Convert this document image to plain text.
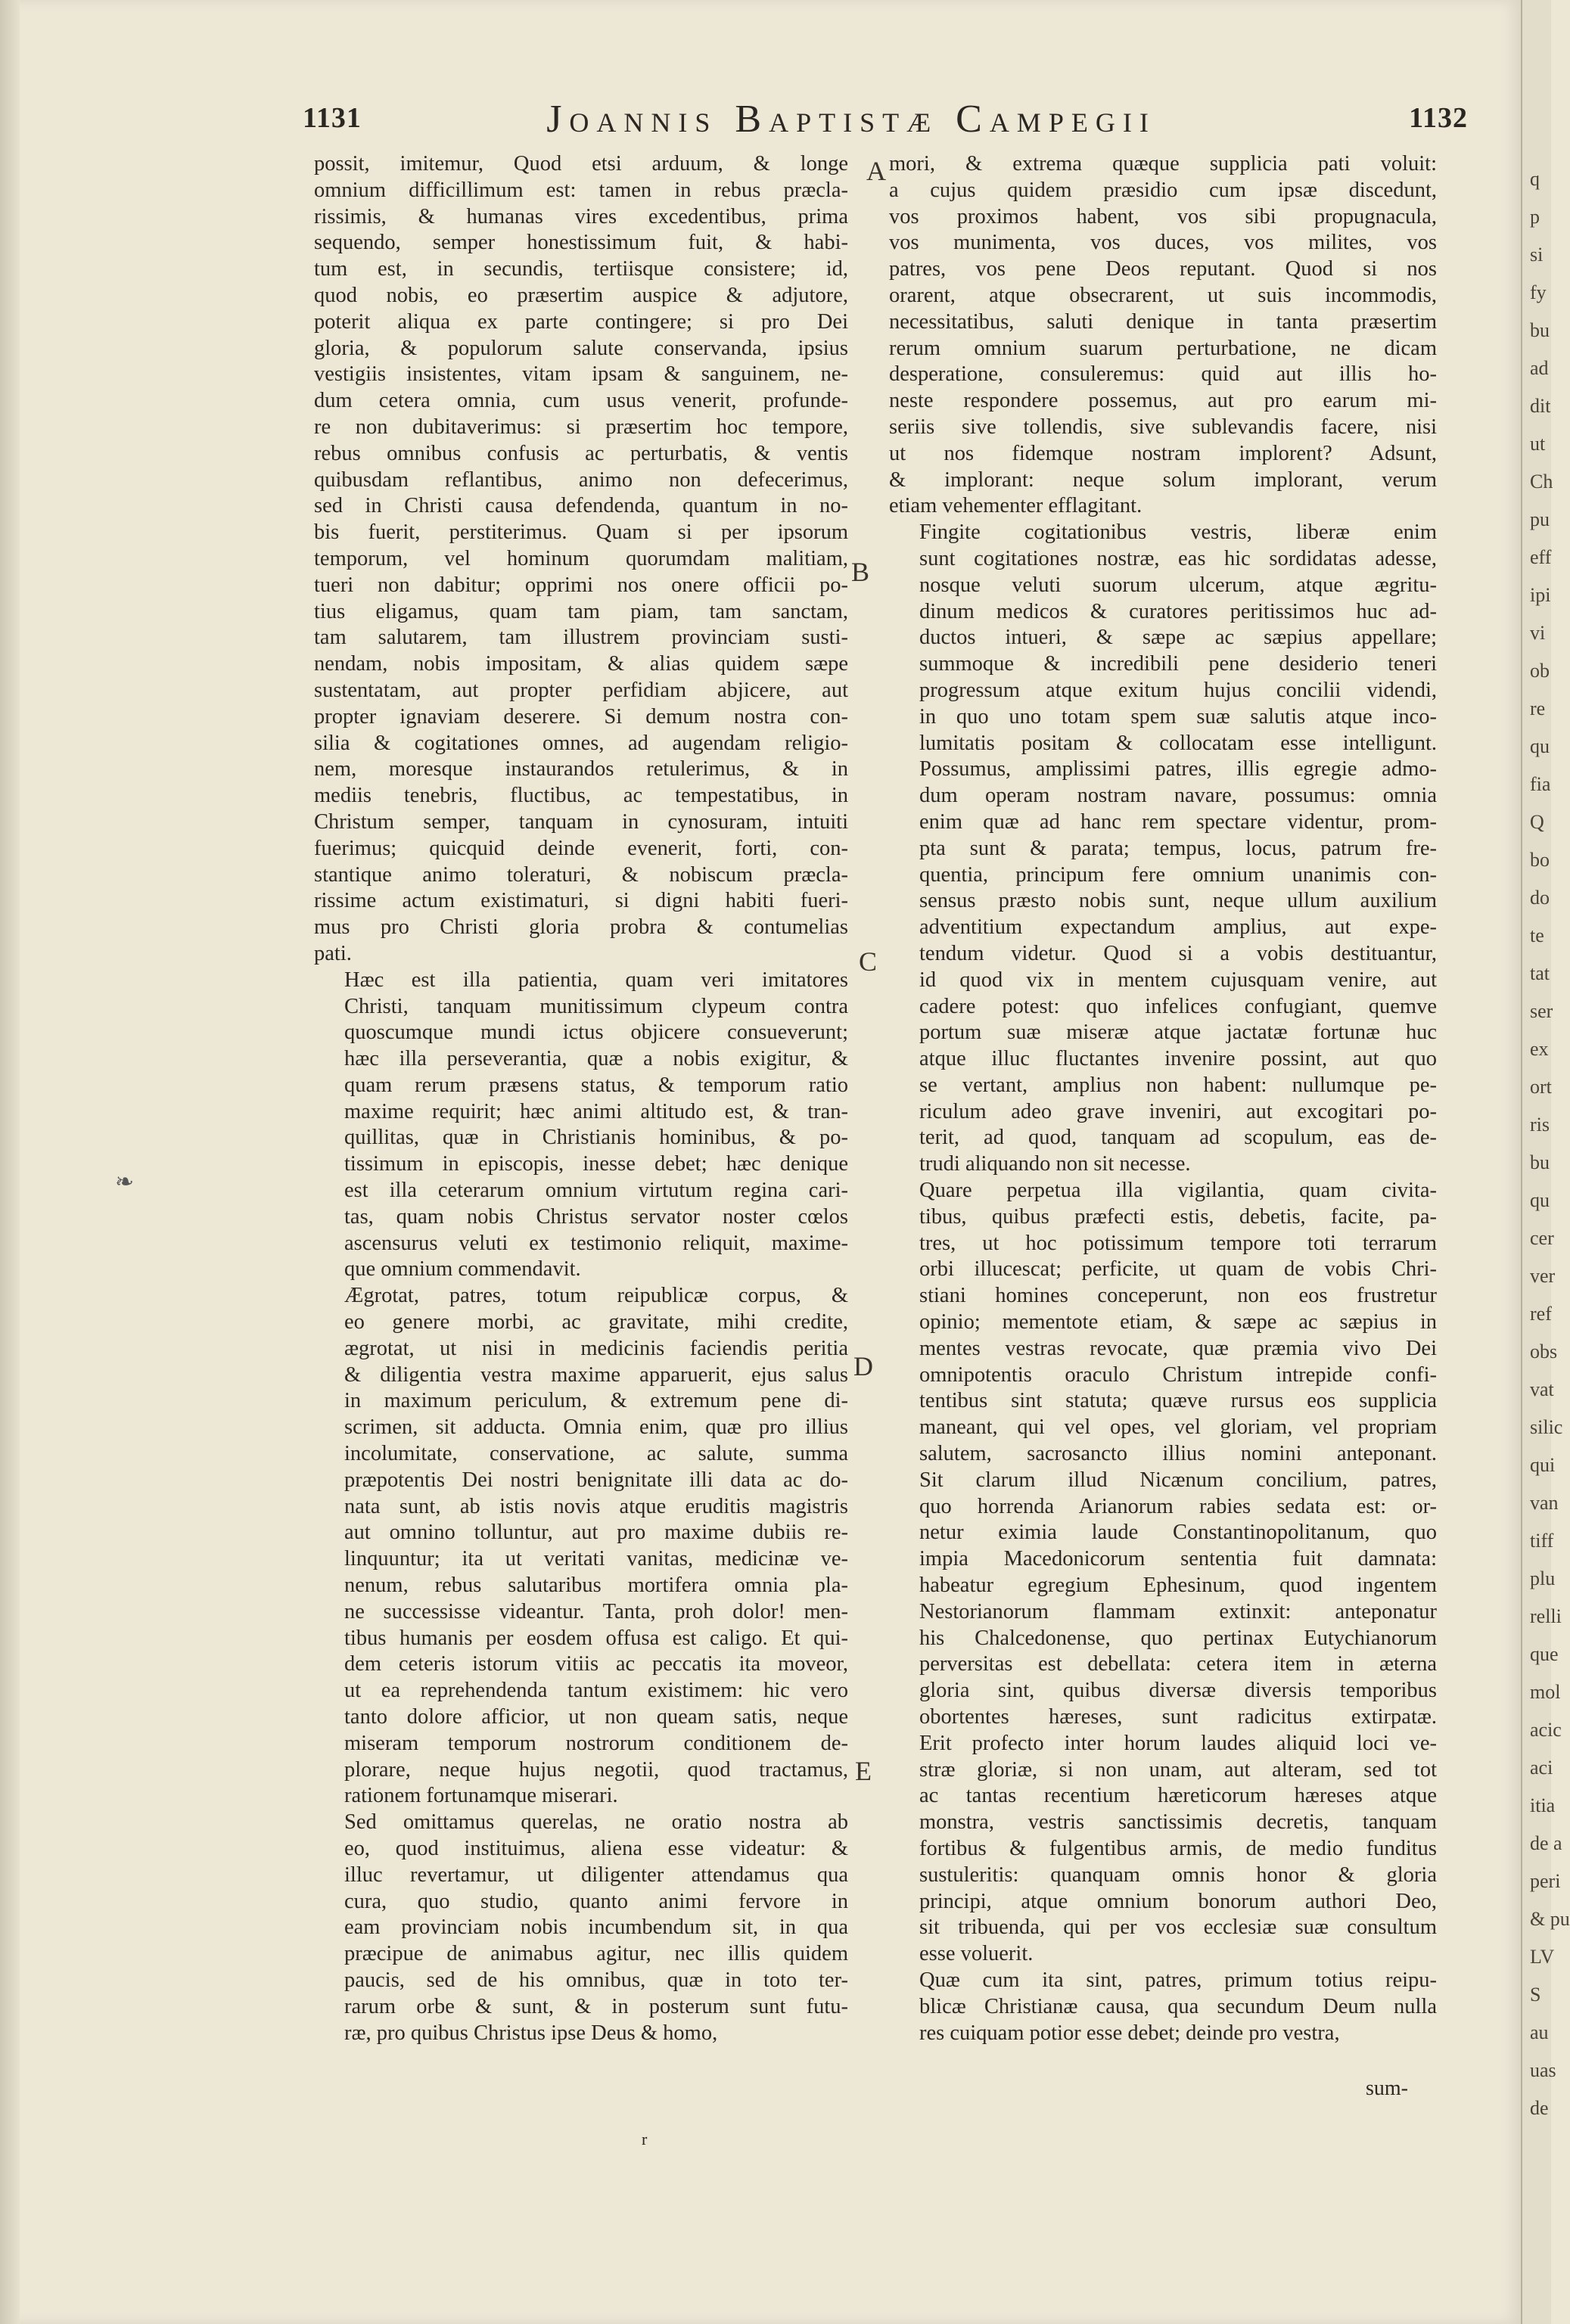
1131	Joannis Baptistæ Campegii	1132

possit, imitemur, Quod etsi arduum, & longe
omnium difficillimum est: tamen in rebus præcla-
rissimis, & humanas vires excedentibus, prima
sequendo, semper honestissimum fuit, & habi-
tum est, in secundis, tertiisque consistere; id,
quod nobis, eo præsertim auspice & adjutore,
poterit aliqua ex parte contingere; si pro Dei
gloria, & populorum salute conservanda, ipsius
vestigiis insistentes, vitam ipsam & sanguinem, ne-
dum cetera omnia, cum usus venerit, profunde-
re non dubitaverimus: si præsertim hoc tempore,
rebus omnibus confusis ac perturbatis, & ventis
quibusdam reflantibus, animo non defecerimus,
sed in Christi causa defendenda, quantum in no-
bis fuerit, perstiterimus. Quam si per ipsorum
temporum, vel hominum quorumdam malitiam,
tueri non dabitur; opprimi nos onere officii po-
tius eligamus, quam tam piam, tam sanctam,
tam salutarem, tam illustrem provinciam susti-
nendam, nobis impositam, & alias quidem sæpe
sustentatam, aut propter perfidiam abjicere, aut
propter ignaviam deserere. Si demum nostra con-
silia & cogitationes omnes, ad augendam religio-
nem, moresque instaurandos retulerimus, & in
mediis tenebris, fluctibus, ac tempestatibus, in
Christum semper, tanquam in cynosuram, intuiti
fuerimus; quicquid deinde evenerit, forti, con-
stantique animo toleraturi, & nobiscum præcla-
rissime actum existimaturi, si digni habiti fueri-
mus pro Christi gloria probra & contumelias
pati.

Hæc est illa patientia, quam veri imitatores
Christi, tanquam munitissimum clypeum contra
quoscumque mundi ictus objicere consueverunt;
hæc illa perseverantia, quæ a nobis exigitur, &
quam rerum præsens status, & temporum ratio
maxime requirit; hæc animi altitudo est, & tran-
quillitas, quæ in Christianis hominibus, & po-
tissimum in episcopis, inesse debet; hæc denique
est illa ceterarum omnium virtutum regina cari-
tas, quam nobis Christus servator noster cœlos
ascensurus veluti ex testimonio reliquit, maxime-
que omnium commendavit.

Ægrotat, patres, totum reipublicæ corpus, &
eo genere morbi, ac gravitate, mihi credite,
ægrotat, ut nisi in medicinis faciendis peritia
& diligentia vestra maxime apparuerit, ejus salus
in maximum periculum, & extremum pene di-
scrimen, sit adducta. Omnia enim, quæ pro illius
incolumitate, conservatione, ac salute, summa
præpotentis Dei nostri benignitate illi data ac do-
nata sunt, ab istis novis atque eruditis magistris
aut omnino tolluntur, aut pro maxime dubiis re-
linquuntur; ita ut veritati vanitas, medicinæ ve-
nenum, rebus salutaribus mortifera omnia pla-
ne successisse videantur. Tanta, proh dolor! men-
tibus humanis per eosdem offusa est caligo. Et qui-
dem ceteris istorum vitiis ac peccatis ita moveor,
ut ea reprehendenda tantum existimem: hic vero
tanto dolore afficior, ut non queam satis, neque
miseram temporum nostrorum conditionem de-
plorare, neque hujus negotii, quod tractamus,
rationem fortunamque miserari.

Sed omittamus querelas, ne oratio nostra ab
eo, quod instituimus, aliena esse videatur: &
illuc revertamur, ut diligenter attendamus qua
cura, quo studio, quanto animi fervore in
eam provinciam nobis incumbendum sit, in qua
præcipue de animabus agitur, nec illis quidem
paucis, sed de his omnibus, quæ in toto ter-
rarum orbe & sunt, & in posterum sunt futu-
ræ, pro quibus Christus ipse Deus & homo,

mori, & extrema quæque supplicia pati voluit:
a cujus quidem præsidio cum ipsæ discedunt,
vos proximos habent, vos sibi propugnacula,
vos munimenta, vos duces, vos milites, vos
patres, vos pene Deos reputant. Quod si nos
orarent, atque obsecrarent, ut suis incommodis,
necessitatibus, saluti denique in tanta præsertim
rerum omnium suarum perturbatione, ne dicam
desperatione, consuleremus: quid aut illis ho-
neste respondere possemus, aut pro earum mi-
seriis sive tollendis, sive sublevandis facere, nisi
ut nos fidemque nostram implorent? Adsunt,
& implorant: neque solum implorant, verum
etiam vehementer efflagitant.

Fingite cogitationibus vestris, liberæ enim
sunt cogitationes nostræ, eas hic sordidatas adesse,
nosque veluti suorum ulcerum, atque ægritu-
dinum medicos & curatores peritissimos huc ad-
ductos intueri, & sæpe ac sæpius appellare;
summoque & incredibili pene desiderio teneri
progressum atque exitum hujus concilii videndi,
in quo uno totam spem suæ salutis atque inco-
lumitatis positam & collocatam esse intelligunt.
Possumus, amplissimi patres, illis egregie admo-
dum operam nostram navare, possumus: omnia
enim quæ ad hanc rem spectare videntur, prom-
pta sunt & parata; tempus, locus, patrum fre-
quentia, principum fere omnium unanimis con-
sensus præsto nobis sunt, neque ullum auxilium
adventitium expectandum amplius, aut expe-
tendum videtur. Quod si a vobis destituantur,
id quod vix in mentem cujusquam venire, aut
cadere potest: quo infelices confugiant, quemve
portum suæ miseræ atque jactatæ fortunæ huc
atque illuc fluctantes invenire possint, aut quo
se vertant, amplius non habent: nullumque pe-
riculum adeo grave inveniri, aut excogitari po-
terit, ad quod, tanquam ad scopulum, eas de-
trudi aliquando non sit necesse.

Quare perpetua illa vigilantia, quam civita-
tibus, quibus præfecti estis, debetis, facite, pa-
tres, ut hoc potissimum tempore toti terrarum
orbi illucescat; perficite, ut quam de vobis Chri-
stiani homines conceperunt, non eos frustretur
opinio; mementote etiam, & sæpe ac sæpius in
mentes vestras revocate, quæ præmia vivo Dei
omnipotentis oraculo Christum intrepide confi-
tentibus sint statuta; quæve rursus eos supplicia
maneant, qui vel opes, vel gloriam, vel propriam
salutem, sacrosancto illius nomini anteponant.
Sit clarum illud Nicænum concilium, patres,
quo horrenda Arianorum rabies sedata est: or-
netur eximia laude Constantinopolitanum, quo
impia Macedonicorum sententia fuit damnata:
habeatur egregium Ephesinum, quod ingentem
Nestorianorum flammam extinxit: anteponatur
his Chalcedonense, quo pertinax Eutychianorum
perversitas est debellata: cetera item in æterna
gloria sint, quibus diversæ diversis temporibus
obortentes hæreses, sunt radicitus extirpatæ.
Erit profecto inter horum laudes aliquid loci ve-
stræ gloriæ, si non unam, aut alteram, sed tot
ac tantas recentium hæreticorum hæreses atque
monstra, vestris sanctissimis decretis, tanquam
fortibus & fulgentibus armis, de medio funditus
sustuleritis: quanquam omnis honor & gloria
principi, atque omnium bonorum authori Deo,
sit tribuenda, qui per vos ecclesiæ suæ consultum
esse voluerit.

Quæ cum ita sint, patres, primum totius reipu-
blicæ Christianæ causa, qua secundum Deum nulla
res cuiquam potior esse debet; deinde pro vestra,

A
B
C
D
E
❧
sum-
r
q
p
si
fy
bu
ad
dit
ut
Ch
pu
eff
ipi
vi
ob
re
qu
fia
Q
bo
do
te
tat
ser
ex
ort
ris
bu
qu
cer
ver
ref
obs
vat
silic
qui
van
tiff
plu
relli
que
mol
acic
aci
itia
de a
peri
& pu
LV
S
au
uas
de
